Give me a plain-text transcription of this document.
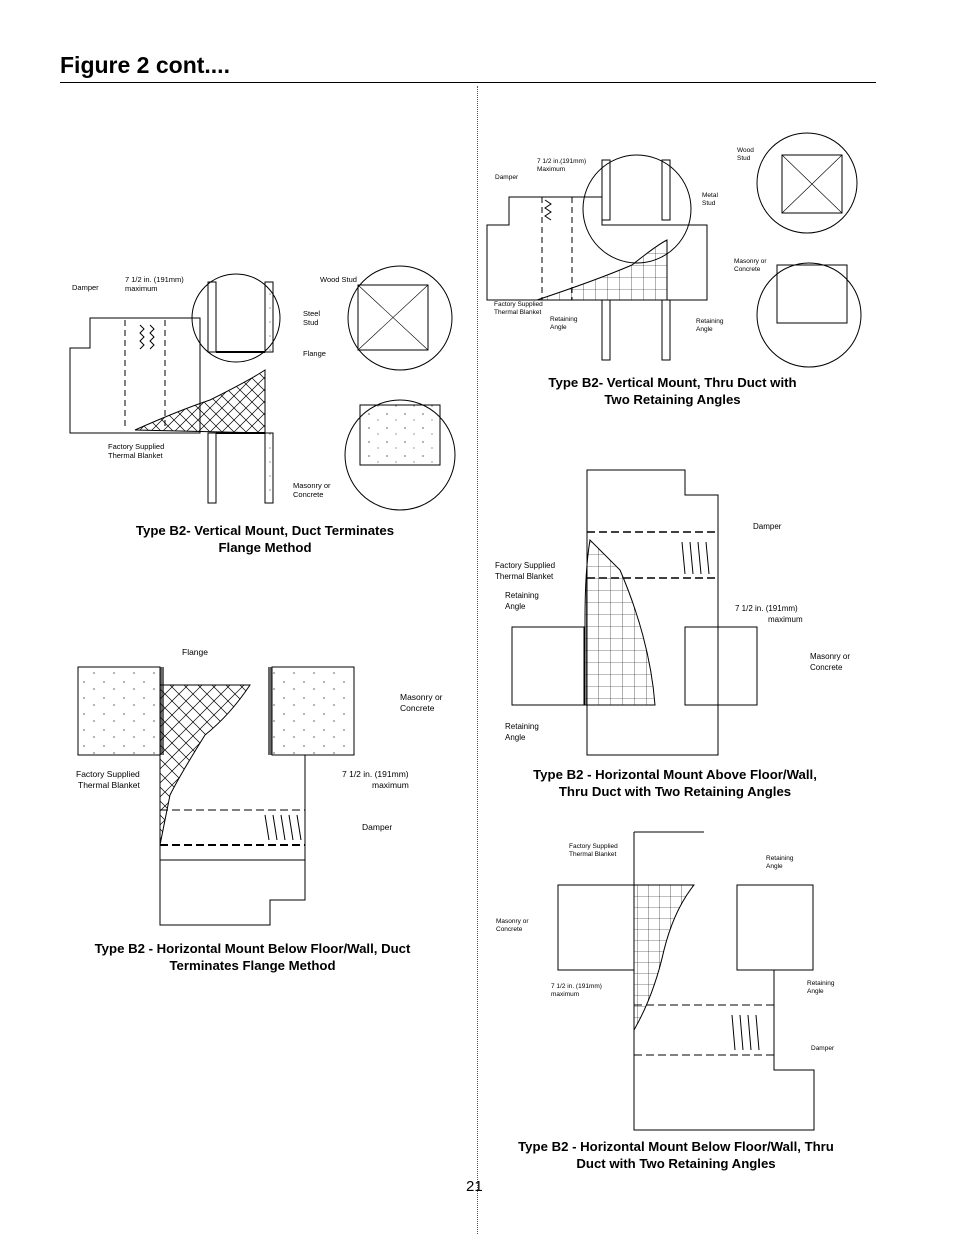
Figure 2 cont....
Damper
7 1/2 in. (191mm)
maximum
Wood Stud
Steel
Stud
Flange
Factory Supplied
Thermal Blanket
Masonry or
Concrete
Type B2- Vertical Mount, Duct Terminates
Flange Method
Flange
Masonry or
Concrete
Factory Supplied
Thermal Blanket
7 1/2 in. (191mm)
maximum
Damper
Type B2 - Horizontal Mount Below Floor/Wall, Duct
Terminates Flange Method
Wood
Stud
7 1/2 in.(191mm)
Maximum
Damper
Metal
Stud
Masonry or
Concrete
Factory Supplied
Thermal Blanket
Retaining
Angle
Retaining
Angle
Type B2- Vertical Mount, Thru Duct with
Two Retaining Angles
Damper
Factory Supplied
Thermal Blanket
Retaining
Angle	7 1/2 in. (191mm)
maximum
Masonry or
Concrete
Retaining
Angle
Type B2 - Horizontal Mount Above Floor/Wall,
Thru Duct with Two Retaining Angles
Factory Supplied
Thermal Blanket
Retaining
Angle
Masonry or
Concrete
7 1/2 in. (191mm)
maximum
Retaining
Angle
Damper
Type B2 - Horizontal Mount Below Floor/Wall, Thru
Duct with Two Retaining Angles
21
